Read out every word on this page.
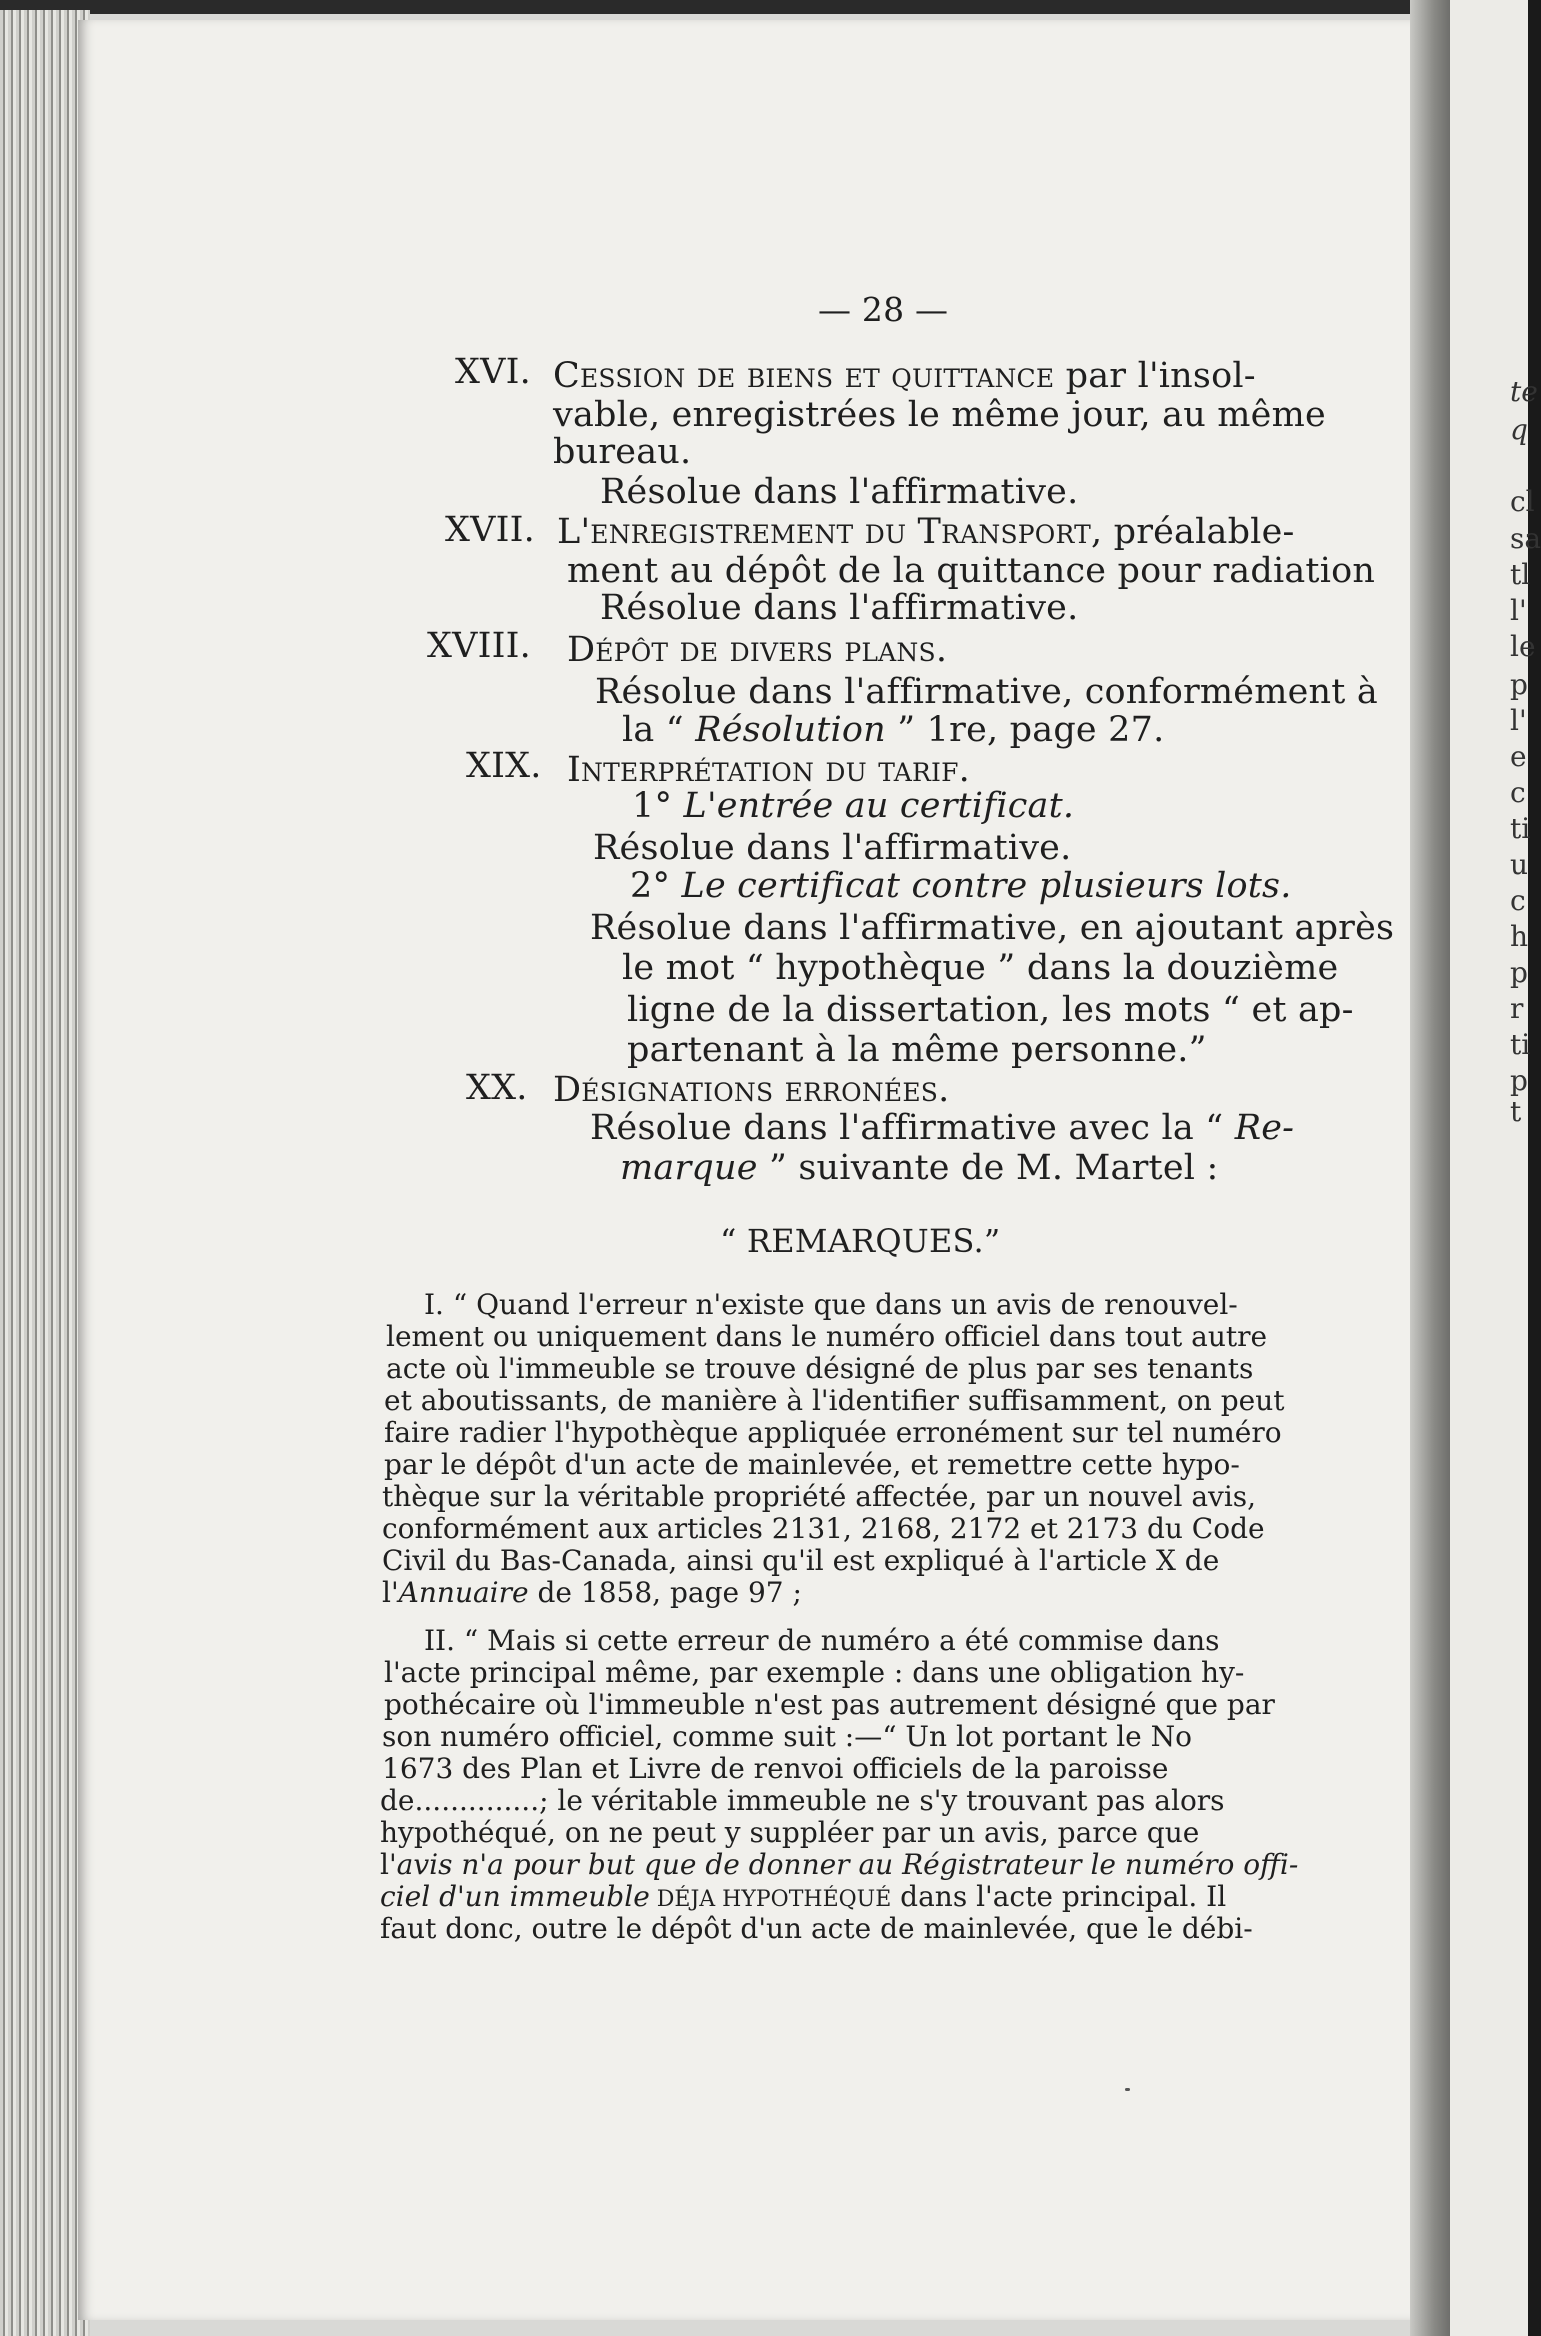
te
q
cl
sa
tl
l'
le
p
l'
e
c
ti
u
c
h
p
r
ti
p
t
— 28 —
XVI. Cession de biens et quittance par l'insol-
vable, enregistrées le même jour, au même
bureau.
Résolue dans l'affirmative.
XVII. L'enregistrement du Transport, préalable-
ment au dépôt de la quittance pour radiation
Résolue dans l'affirmative.
XVIII. Dépôt de divers plans.
Résolue dans l'affirmative, conformément à
la “ Résolution ” 1re, page 27.
XIX. Interprétation du tarif.
1° L'entrée au certificat.
Résolue dans l'affirmative.
2° Le certificat contre plusieurs lots.
Résolue dans l'affirmative, en ajoutant après
le mot “ hypothèque ” dans la douzième
ligne de la dissertation, les mots “ et ap-
partenant à la même personne.”
XX. Désignations erronées.
Résolue dans l'affirmative avec la “ Re-
marque ” suivante de M. Martel :
“ REMARQUES.”
I. “ Quand l'erreur n'existe que dans un avis de renouvel-
lement ou uniquement dans le numéro officiel dans tout autre
acte où l'immeuble se trouve désigné de plus par ses tenants
et aboutissants, de manière à l'identifier suffisamment, on peut
faire radier l'hypothèque appliquée erronément sur tel numéro
par le dépôt d'un acte de mainlevée, et remettre cette hypo-
thèque sur la véritable propriété affectée, par un nouvel avis,
conformément aux articles 2131, 2168, 2172 et 2173 du Code
Civil du Bas-Canada, ainsi qu'il est expliqué à l'article X de
l'Annuaire de 1858, page 97 ;
II. “ Mais si cette erreur de numéro a été commise dans
l'acte principal même, par exemple : dans une obligation hy-
pothécaire où l'immeuble n'est pas autrement désigné que par
son numéro officiel, comme suit :—“ Un lot portant le No
1673 des Plan et Livre de renvoi officiels de la paroisse
de..............; le véritable immeuble ne s'y trouvant pas alors
hypothéqué, on ne peut y suppléer par un avis, parce que
l'avis n'a pour but que de donner au Régistrateur le numéro offi-
ciel d'un immeuble DÉJA HYPOTHÉQUÉ dans l'acte principal. Il
faut donc, outre le dépôt d'un acte de mainlevée, que le débi-
